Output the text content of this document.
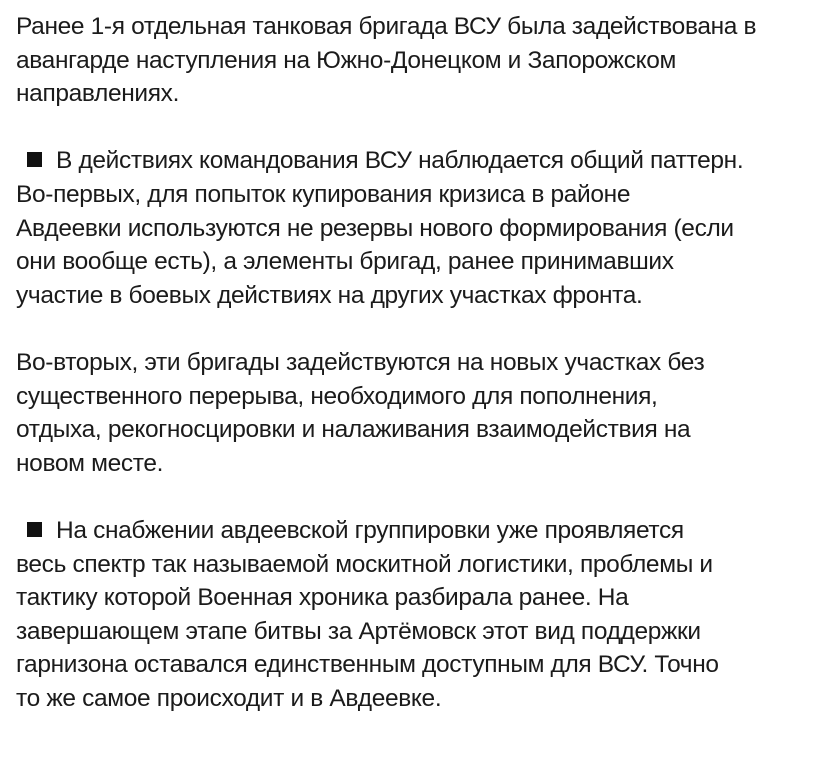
Ранее 1-я отдельная танковая бригада ВСУ была задействована в
авангарде наступления на Южно-Донецком и Запорожском
направлениях.

В действиях командования ВСУ наблюдается общий паттерн.
Во-первых, для попыток купирования кризиса в районе
Авдеевки используются не резервы нового формирования (если
они вообще есть), а элементы бригад, ранее принимавших
участие в боевых действиях на других участках фронта.

Во-вторых, эти бригады задействуются на новых участках без
существенного перерыва, необходимого для пополнения,
отдыха, рекогносцировки и налаживания взаимодействия на
новом месте.

На снабжении авдеевской группировки уже проявляется
весь спектр так называемой москитной логистики, проблемы и
тактику которой Военная хроника разбирала ранее. На
завершающем этапе битвы за Артёмовск этот вид поддержки
гарнизона оставался единственным доступным для ВСУ. Точно
то же самое происходит и в Авдеевке.
